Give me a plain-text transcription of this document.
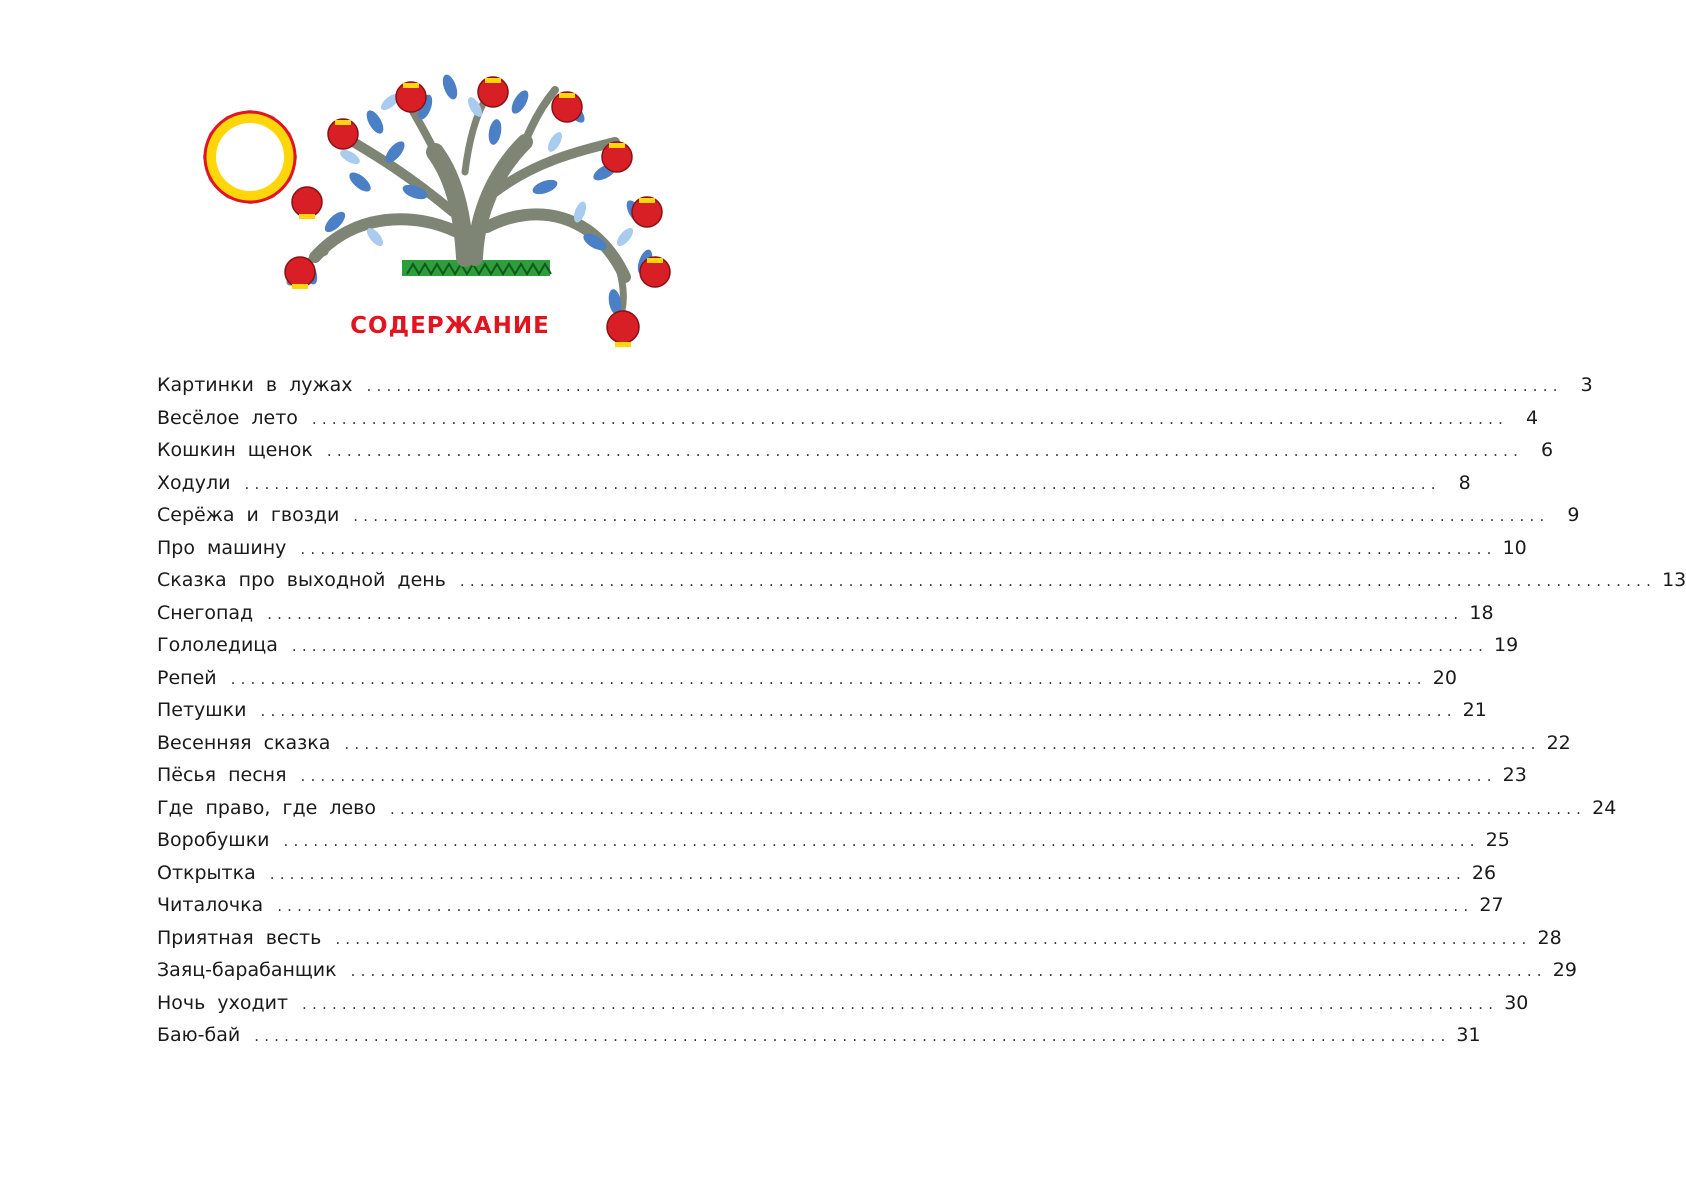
СОДЕРЖАНИЕ
Картинки в лужах ........................................................................................................................ 3
Весёлое лето ........................................................................................................................ 4
Кошкин щенок ........................................................................................................................ 6
Ходули ........................................................................................................................ 8
Серёжа и гвозди ........................................................................................................................ 9
Про машину ........................................................................................................................ 10
Сказка про выходной день ........................................................................................................................ 13
Снегопад ........................................................................................................................ 18
Гололедица ........................................................................................................................ 19
Репей ........................................................................................................................ 20
Петушки ........................................................................................................................ 21
Весенняя сказка ........................................................................................................................ 22
Пёсья песня ........................................................................................................................ 23
Где право, где лево ........................................................................................................................ 24
Воробушки ........................................................................................................................ 25
Открытка ........................................................................................................................ 26
Читалочка ........................................................................................................................ 27
Приятная весть ........................................................................................................................ 28
Заяц-барабанщик ........................................................................................................................ 29
Ночь уходит ........................................................................................................................ 30
Баю-бай ........................................................................................................................ 31
